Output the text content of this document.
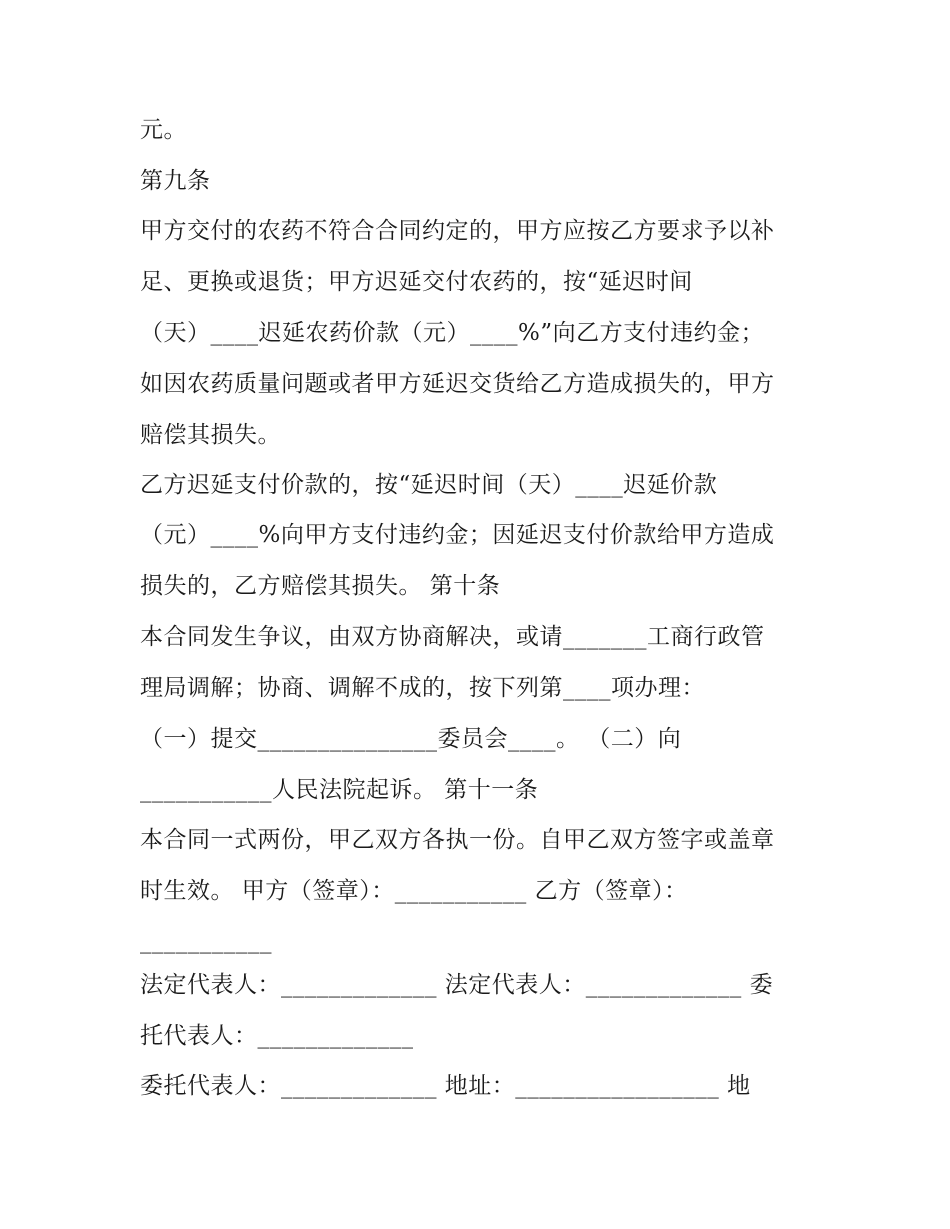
元。
第九条
甲方交付的农药不符合合同约定的，甲方应按乙方要求予以补
足、更换或退货；甲方迟延交付农药的，按“延迟时间
（天）____迟延农药价款（元）____%”向乙方支付违约金；
如因农药质量问题或者甲方延迟交货给乙方造成损失的，甲方
赔偿其损失。
乙方迟延支付价款的，按“延迟时间（天）____迟延价款
（元）____%向甲方支付违约金；因延迟支付价款给甲方造成
损失的，乙方赔偿其损失。 第十条
本合同发生争议，由双方协商解决，或请_______工商行政管
理局调解；协商、调解不成的，按下列第____项办理：
（一）提交_______________委员会____。 （二）向
___________人民法院起诉。 第十一条
本合同一式两份，甲乙双方各执一份。自甲乙双方签字或盖章
时生效。 甲方（签章）：___________ 乙方（签章）：
___________
法定代表人：_____________ 法定代表人：_____________ 委
托代表人：_____________
委托代表人：_____________ 地址：_________________ 地
